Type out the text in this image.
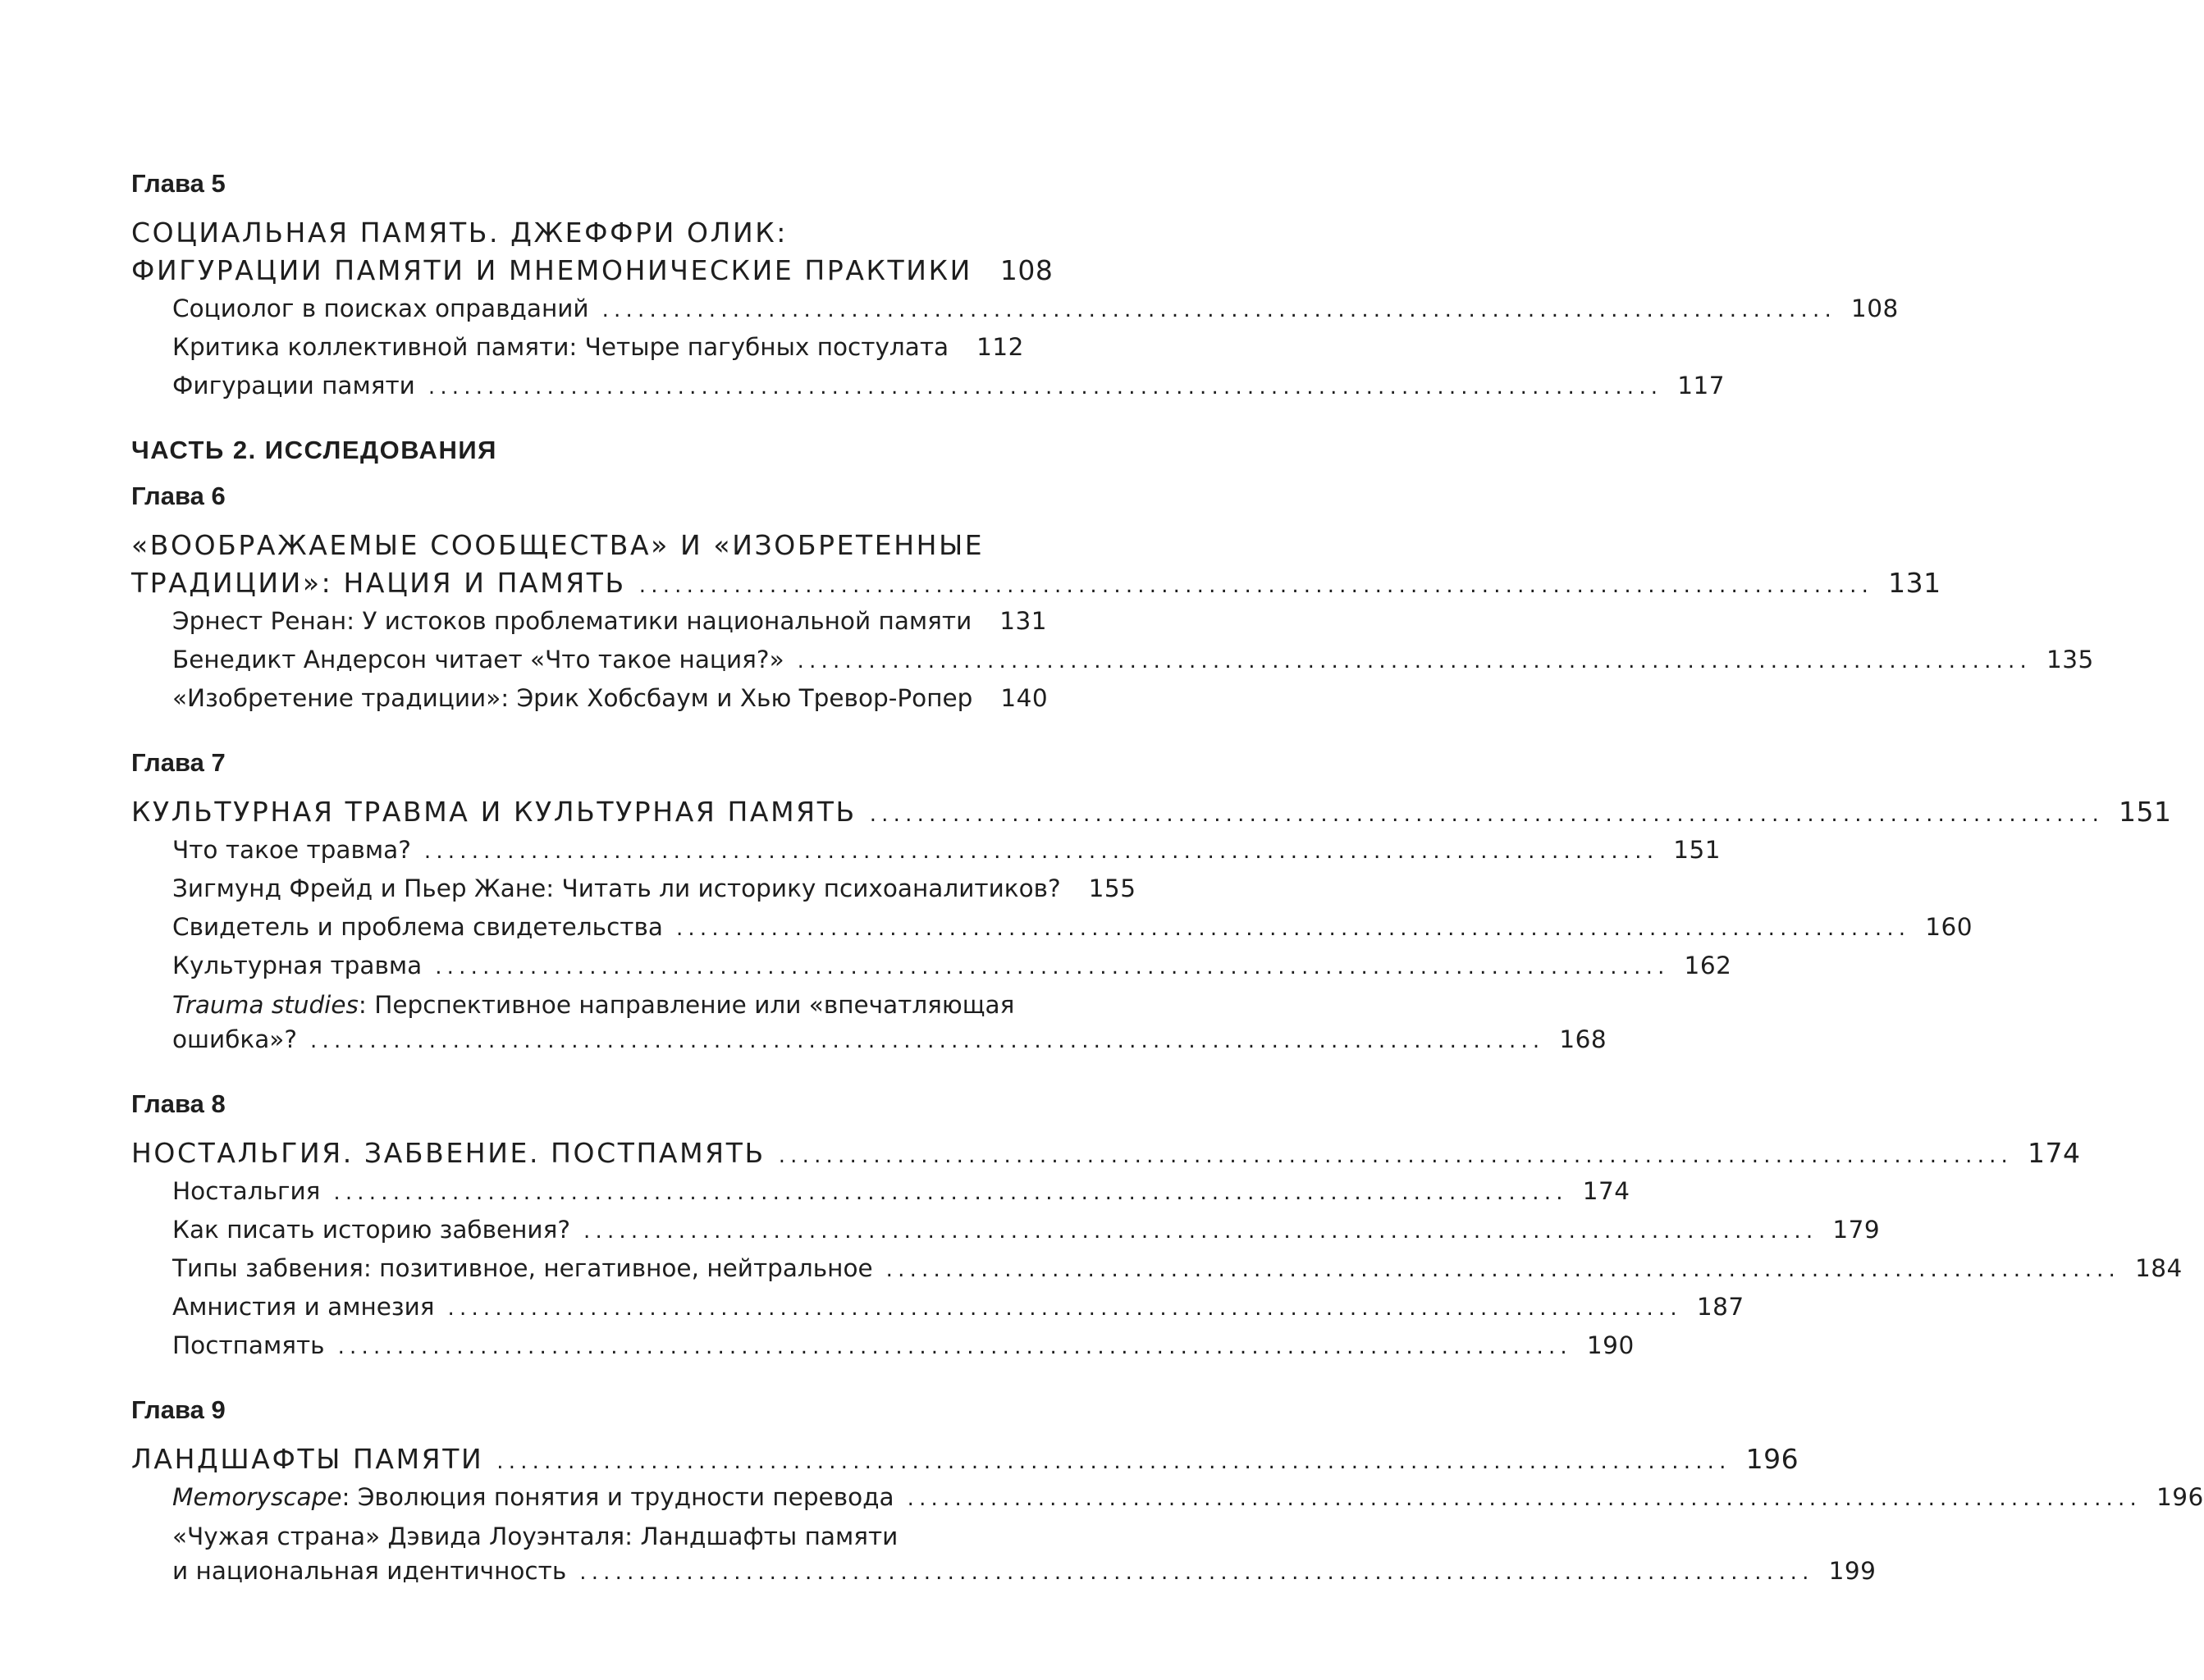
Глава 5
СОЦИАЛЬНАЯ ПАМЯТЬ. ДЖЕФФРИ ОЛИК:
ФИГУРАЦИИ ПАМЯТИ И МНЕМОНИЧЕСКИЕ ПРАКТИКИ 108
Социолог в поисках оправданий ........................................................................................................ 108
Критика коллективной памяти: Четыре пагубных постулата 112
Фигурации памяти ........................................................................................................ 117
ЧАСТЬ 2. ИССЛЕДОВАНИЯ
Глава 6
«ВООБРАЖАЕМЫЕ СООБЩЕСТВА» И «ИЗОБРЕТЕННЫЕ
ТРАДИЦИИ»: НАЦИЯ И ПАМЯТЬ ........................................................................................................ 131
Эрнест Ренан: У истоков проблематики национальной памяти 131
Бенедикт Андерсон читает «Что такое нация?» ........................................................................................................ 135
«Изобретение традиции»: Эрик Хобсбаум и Хью Тревор-Ропер 140
Глава 7
КУЛЬТУРНАЯ ТРАВМА И КУЛЬТУРНАЯ ПАМЯТЬ ........................................................................................................ 151
Что такое травма? ........................................................................................................ 151
Зигмунд Фрейд и Пьер Жане: Читать ли историку психоаналитиков? 155
Свидетель и проблема свидетельства ........................................................................................................ 160
Культурная травма ........................................................................................................ 162
Trauma studies: Перспективное направление или «впечатляющая
ошибка»? ........................................................................................................ 168
Глава 8
НОСТАЛЬГИЯ. ЗАБВЕНИЕ. ПОСТПАМЯТЬ ........................................................................................................ 174
Ностальгия ........................................................................................................ 174
Как писать историю забвения? ........................................................................................................ 179
Типы забвения: позитивное, негативное, нейтральное ........................................................................................................ 184
Амнистия и амнезия ........................................................................................................ 187
Постпамять ........................................................................................................ 190
Глава 9
ЛАНДШАФТЫ ПАМЯТИ ........................................................................................................ 196
Memoryscape: Эволюция понятия и трудности перевода ........................................................................................................ 196
«Чужая страна» Дэвида Лоуэнталя: Ландшафты памяти
и национальная идентичность ........................................................................................................ 199
